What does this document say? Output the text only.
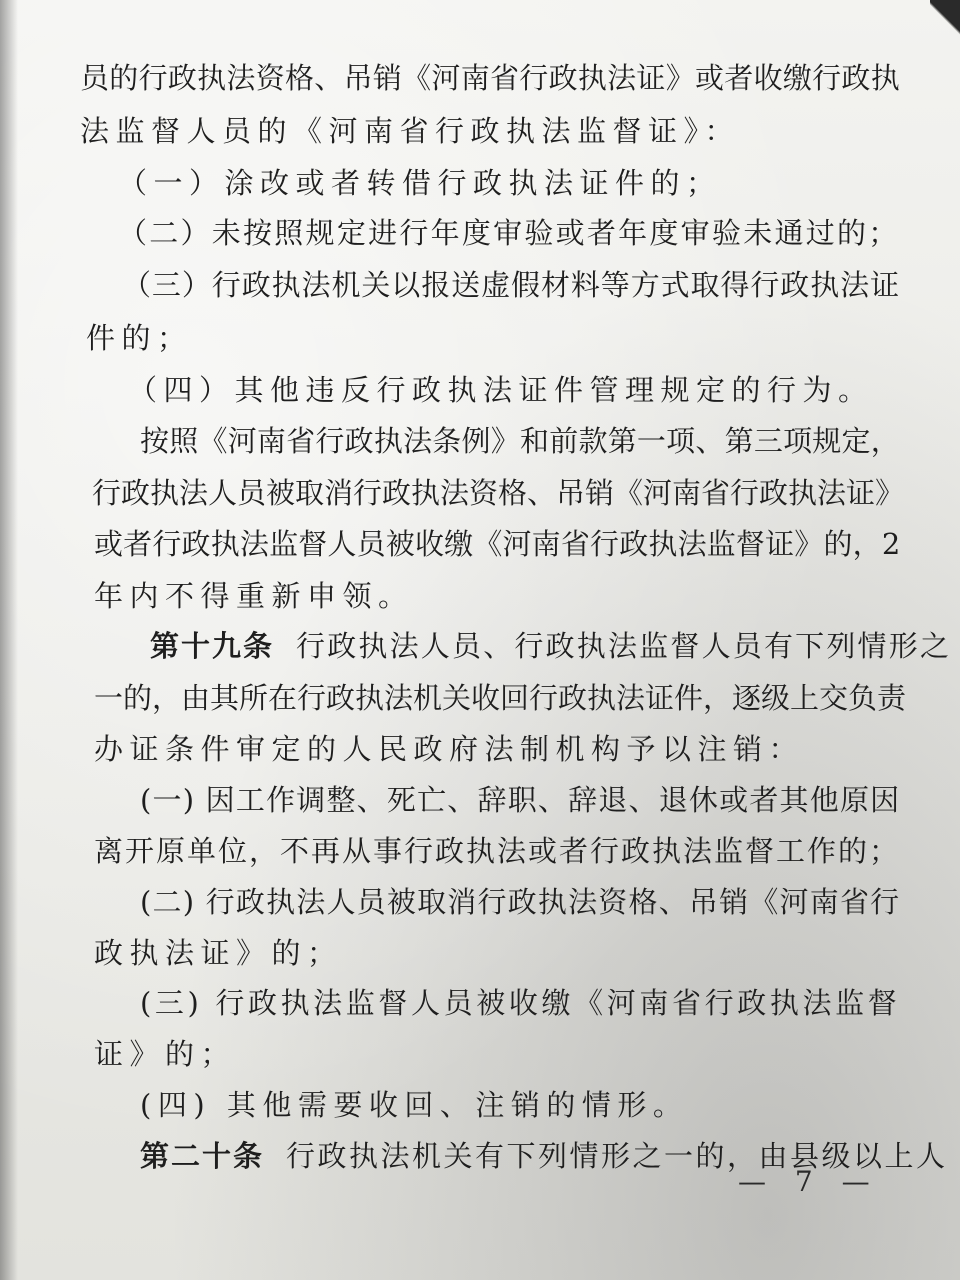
员的行政执法资格、吊销《河南省行政执法证》或者收缴行政执
法监督人员的《河南省行政执法监督证》：
（一）涂改或者转借行政执法证件的；
（二）未按照规定进行年度审验或者年度审验未通过的；
（三）行政执法机关以报送虚假材料等方式取得行政执法证
件的；
（四）其他违反行政执法证件管理规定的行为。
按照《河南省行政执法条例》和前款第一项、第三项规定，
行政执法人员被取消行政执法资格、吊销《河南省行政执法证》
或者行政执法监督人员被收缴《河南省行政执法监督证》的，2
年内不得重新申领。
第十九条 行政执法人员、行政执法监督人员有下列情形之
一的，由其所在行政执法机关收回行政执法证件，逐级上交负责
办证条件审定的人民政府法制机构予以注销：
(一) 因工作调整、死亡、辞职、辞退、退休或者其他原因
离开原单位，不再从事行政执法或者行政执法监督工作的；
(二) 行政执法人员被取消行政执法资格、吊销《河南省行
政执法证》的；
(三) 行政执法监督人员被收缴《河南省行政执法监督
证》的；
(四) 其他需要收回、注销的情形。
第二十条 行政执法机关有下列情形之一的，由县级以上人
— 7 —
